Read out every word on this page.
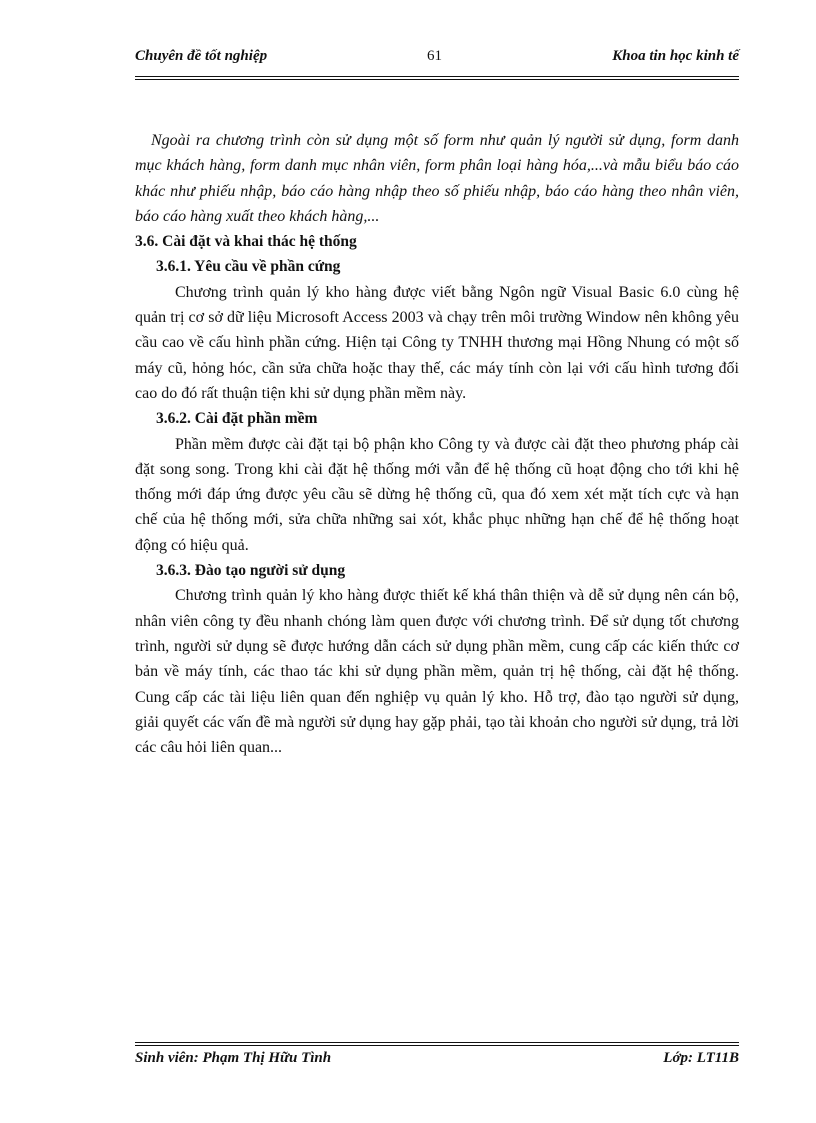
Chuyên đề tốt nghiệp	61	Khoa tin học kinh tế

Ngoài ra chương trình còn sử dụng một số form như quản lý người sử dụng, form danh mục khách hàng, form danh mục nhân viên, form phân loại hàng hóa,...và mẫu biểu báo cáo khác như phiếu nhập, báo cáo hàng nhập theo số phiếu nhập, báo cáo hàng theo nhân viên, báo cáo hàng xuất theo khách hàng,...

3.6. Cài đặt và khai thác hệ thống

3.6.1. Yêu cầu về phần cứng

Chương trình quản lý kho hàng được viết bằng Ngôn ngữ Visual Basic 6.0 cùng hệ quản trị cơ sở dữ liệu Microsoft Access 2003 và chạy trên môi trường Window nên không yêu cầu cao về cấu hình phần cứng. Hiện tại Công ty TNHH thương mại Hồng Nhung có một số máy cũ, hỏng hóc, cần sửa chữa hoặc thay thế, các máy tính còn lại với cấu hình tương đối cao do đó rất thuận tiện khi sử dụng phần mềm này.

3.6.2. Cài đặt phần mềm

Phần mềm được cài đặt tại bộ phận kho Công ty và được cài đặt theo phương pháp cài đặt song song. Trong khi cài đặt hệ thống mới vẫn để hệ thống cũ hoạt động cho tới khi hệ thống mới đáp ứng được yêu cầu sẽ dừng hệ thống cũ, qua đó xem xét mặt tích cực và hạn chế của hệ thống mới, sửa chữa những sai xót, khắc phục những hạn chế để hệ thống hoạt động có hiệu quả.

3.6.3. Đào tạo người sử dụng

Chương trình quản lý kho hàng được thiết kế khá thân thiện và dễ sử dụng nên cán bộ, nhân viên công ty đều nhanh chóng làm quen được với chương trình. Để sử dụng tốt chương trình, người sử dụng sẽ được hướng dẫn cách sử dụng phần mềm, cung cấp các kiến thức cơ bản về máy tính, các thao tác khi sử dụng phần mềm, quản trị hệ thống, cài đặt hệ thống. Cung cấp các tài liệu liên quan đến nghiệp vụ quản lý kho. Hỗ trợ, đào tạo người sử dụng, giải quyết các vấn đề mà người sử dụng hay gặp phải, tạo tài khoản cho người sử dụng, trả lời các câu hỏi liên quan...

Sinh viên: Phạm Thị Hữu Tình	Lớp: LT11B
